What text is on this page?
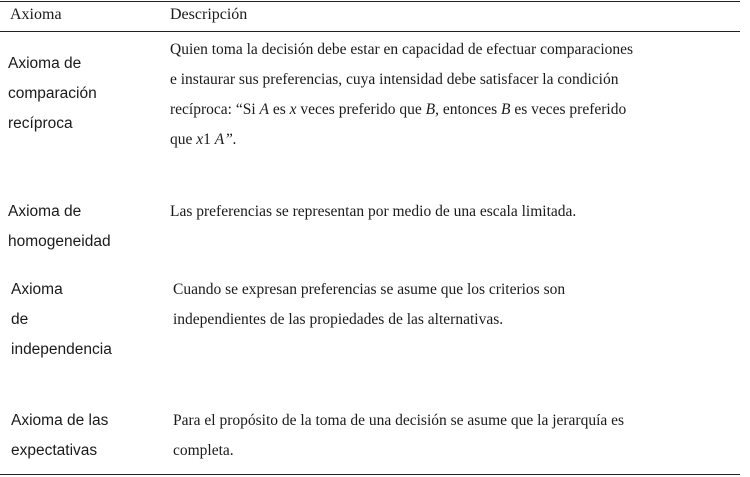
Axioma	Descripción
Axioma de
comparación
recíproca
Quien toma la decisión debe estar en capacidad de efectuar comparaciones
e instaurar sus preferencias, cuya intensidad debe satisfacer la condición
recíproca: “Si A es x veces preferido que B, entonces B es veces preferido
que x1 A”.
Axioma de
homogeneidad
Las preferencias se representan por medio de una escala limitada.
Axioma
de
independencia
Cuando se expresan preferencias se asume que los criterios son
independientes de las propiedades de las alternativas.
Axioma de las
expectativas
Para el propósito de la toma de una decisión se asume que la jerarquía es
completa.
